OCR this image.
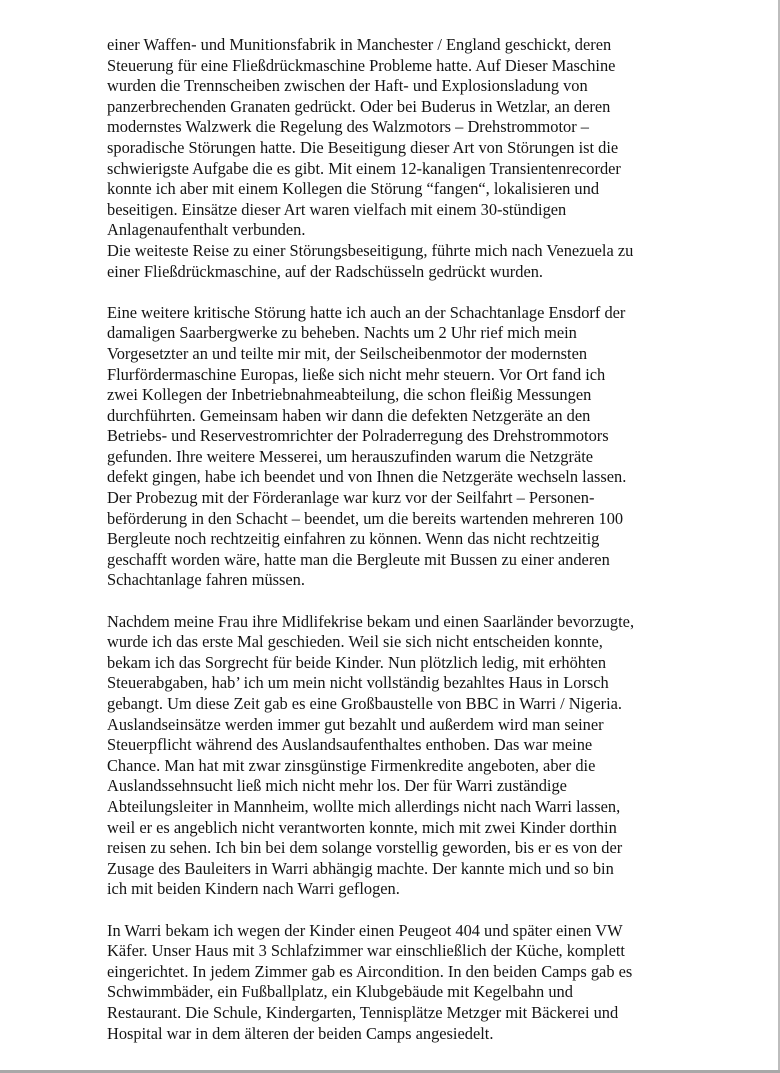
einer Waffen- und Munitionsfabrik in Manchester / England geschickt, deren
Steuerung für eine Fließdrückmaschine Probleme hatte. Auf Dieser Maschine
wurden die Trennscheiben zwischen der Haft- und Explosionsladung von
panzerbrechenden Granaten gedrückt. Oder bei Buderus in Wetzlar, an deren
modernstes Walzwerk die Regelung des Walzmotors – Drehstrommotor –
sporadische Störungen hatte. Die Beseitigung dieser Art von Störungen ist die
schwierigste Aufgabe die es gibt. Mit einem 12-kanaligen Transientenrecorder
konnte ich aber mit einem Kollegen die Störung “fangen“, lokalisieren und
beseitigen. Einsätze dieser Art waren vielfach mit einem 30-stündigen
Anlagenaufenthalt verbunden.
Die weiteste Reise zu einer Störungsbeseitigung, führte mich nach Venezuela zu
einer Fließdrückmaschine, auf der Radschüsseln gedrückt wurden.

Eine weitere kritische Störung hatte ich auch an der Schachtanlage Ensdorf der
damaligen Saarbergwerke zu beheben. Nachts um 2 Uhr rief mich mein
Vorgesetzter an und teilte mir mit, der Seilscheibenmotor der modernsten
Flurfördermaschine Europas, ließe sich nicht mehr steuern. Vor Ort fand ich
zwei Kollegen der Inbetriebnahmeabteilung, die schon fleißig Messungen
durchführten. Gemeinsam haben wir dann die defekten Netzgeräte an den
Betriebs- und Reservestromrichter der Polraderregung des Drehstrommotors
gefunden. Ihre weitere Messerei, um herauszufinden warum die Netzgräte
defekt gingen, habe ich beendet und von Ihnen die Netzgeräte wechseln lassen.
Der Probezug mit der Förderanlage war kurz vor der Seilfahrt – Personen-
beförderung in den Schacht – beendet, um die bereits wartenden mehreren 100
Bergleute noch rechtzeitig einfahren zu können. Wenn das nicht rechtzeitig
geschafft worden wäre, hatte man die Bergleute mit Bussen zu einer anderen
Schachtanlage fahren müssen.

Nachdem meine Frau ihre Midlifekrise bekam und einen Saarländer bevorzugte,
wurde ich das erste Mal geschieden. Weil sie sich nicht entscheiden konnte,
bekam ich das Sorgrecht für beide Kinder. Nun plötzlich ledig, mit erhöhten
Steuerabgaben, hab’ ich um mein nicht vollständig bezahltes Haus in Lorsch
gebangt. Um diese Zeit gab es eine Großbaustelle von BBC in Warri / Nigeria.
Auslandseinsätze werden immer gut bezahlt und außerdem wird man seiner
Steuerpflicht während des Auslandsaufenthaltes enthoben. Das war meine
Chance. Man hat mit zwar zinsgünstige Firmenkredite angeboten, aber die
Auslandssehnsucht ließ mich nicht mehr los. Der für Warri zuständige
Abteilungsleiter in Mannheim, wollte mich allerdings nicht nach Warri lassen,
weil er es angeblich nicht verantworten konnte, mich mit zwei Kinder dorthin
reisen zu sehen. Ich bin bei dem solange vorstellig geworden, bis er es von der
Zusage des Bauleiters in Warri abhängig machte. Der kannte mich und so bin
ich mit beiden Kindern nach Warri geflogen.

In Warri bekam ich wegen der Kinder einen Peugeot 404 und später einen VW
Käfer. Unser Haus mit 3 Schlafzimmer war einschließlich der Küche, komplett
eingerichtet. In jedem Zimmer gab es Aircondition. In den beiden Camps gab es
Schwimmbäder, ein Fußballplatz, ein Klubgebäude mit Kegelbahn und
Restaurant. Die Schule, Kindergarten, Tennisplätze Metzger mit Bäckerei und
Hospital war in dem älteren der beiden Camps angesiedelt.
